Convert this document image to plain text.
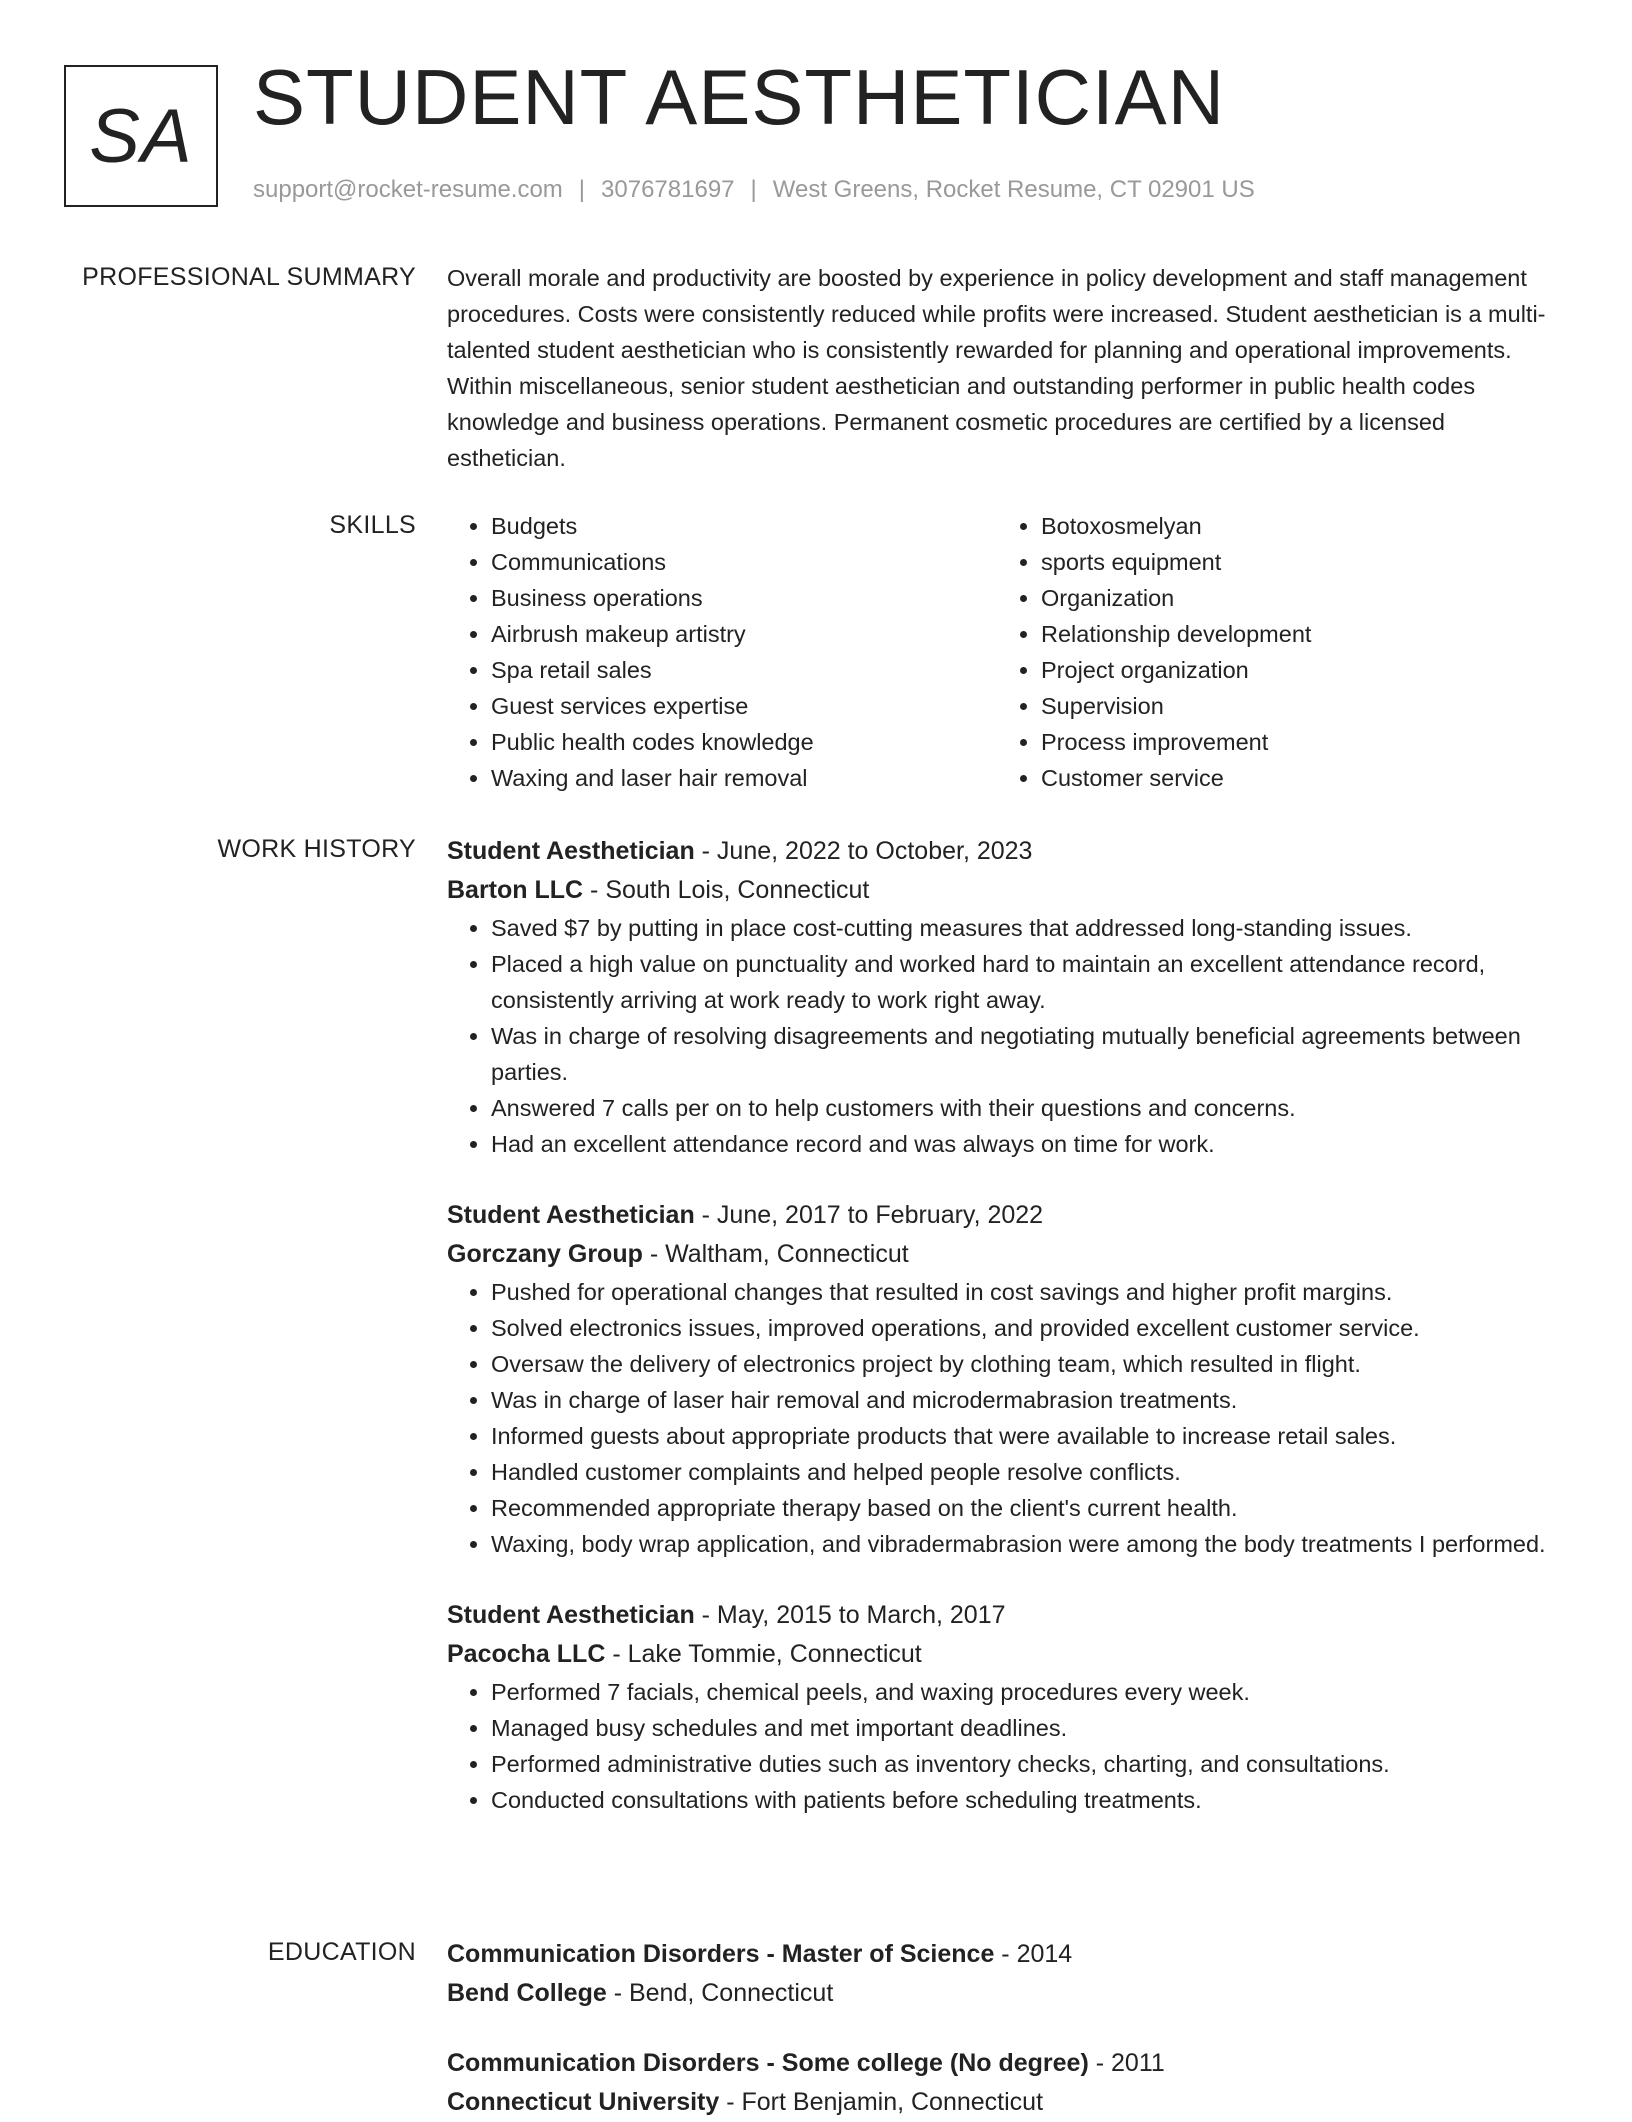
SA STUDENT AESTHETICIAN
support@rocket-resume.com | 3076781697 | West Greens, Rocket Resume, CT 02901 US
PROFESSIONAL SUMMARY Overall morale and productivity are boosted by experience in policy development and staff management procedures. Costs were consistently reduced while profits were increased. Student aesthetician is a multi-talented student aesthetician who is consistently rewarded for planning and operational improvements. Within miscellaneous, senior student aesthetician and outstanding performer in public health codes knowledge and business operations. Permanent cosmetic procedures are certified by a licensed esthetician.

SKILLS
•	Budgets
• Communications
• Business operations
• Airbrush makeup artistry
• Spa retail sales
• Guest services expertise
• Public health codes knowledge
• Waxing and laser hair removal
• Botoxosmelyan
• sports equipment
• Organization
• Relationship development
• Project organization
• Supervision
• Process improvement
• Customer service
WORK HISTORY Student Aesthetician - June, 2022 to October, 2023
Barton LLC - South Lois, Connecticut
• Saved $7 by putting in place cost-cutting measures that addressed long-standing issues.
• Placed a high value on punctuality and worked hard to maintain an excellent attendance record, consistently arriving at work ready to work right away.
• Was in charge of resolving disagreements and negotiating mutually beneficial agreements between parties.
• Answered 7 calls per on to help customers with their questions and concerns.
• Had an excellent attendance record and was always on time for work.
Student Aesthetician - June, 2017 to February, 2022
Gorczany Group - Waltham, Connecticut
• Pushed for operational changes that resulted in cost savings and higher profit margins.
• Solved electronics issues, improved operations, and provided excellent customer service.
• Oversaw the delivery of electronics project by clothing team, which resulted in flight.
• Was in charge of laser hair removal and microdermabrasion treatments.
• Informed guests about appropriate products that were available to increase retail sales.
• Handled customer complaints and helped people resolve conflicts.
• Recommended appropriate therapy based on the client's current health.
• Waxing, body wrap application, and vibradermabrasion were among the body treatments I performed.
Student Aesthetician - May, 2015 to March, 2017
Pacocha LLC - Lake Tommie, Connecticut
• Performed 7 facials, chemical peels, and waxing procedures every week.
• Managed busy schedules and met important deadlines.
• Performed administrative duties such as inventory checks, charting, and consultations.
• Conducted consultations with patients before scheduling treatments.
EDUCATION Communication Disorders - Master of Science - 2014
Bend College - Bend, Connecticut
Communication Disorders - Some college (No degree) - 2011
Connecticut University - Fort Benjamin, Connecticut
